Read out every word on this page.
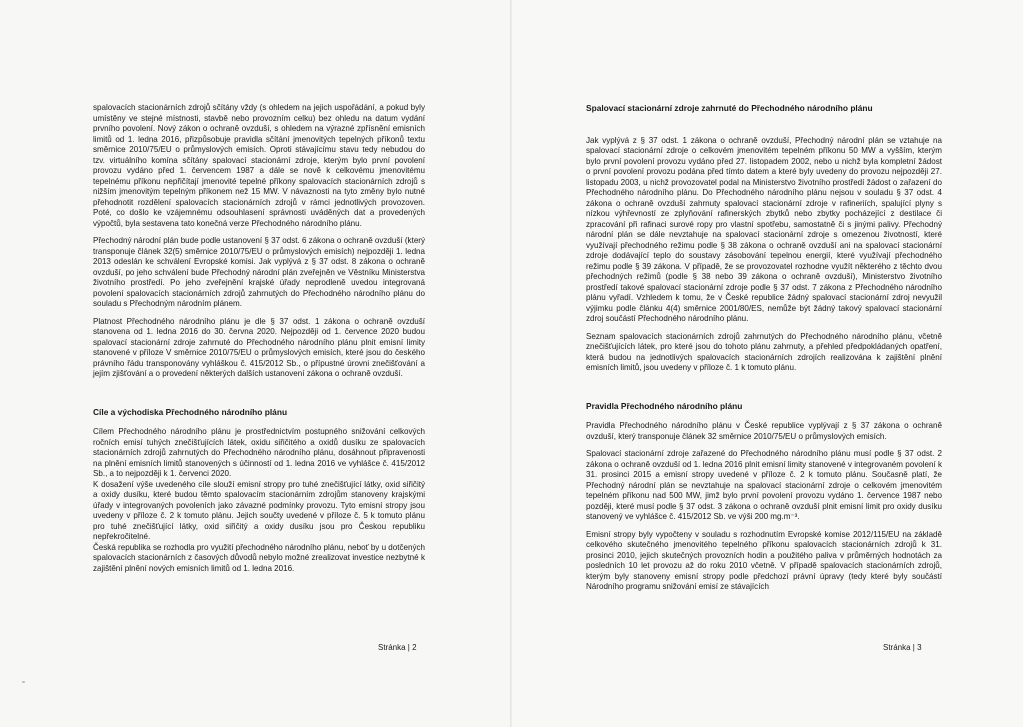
spalovacích stacionárních zdrojů sčítány vždy (s ohledem na jejich uspořádání, a pokud byly umístěny ve stejné místnosti, stavbě nebo provozním celku) bez ohledu na datum vydání prvního povolení. Nový zákon o ochraně ovzduší, s ohledem na výrazné zpřísnění emisních limitů od 1. ledna 2016, přizpůsobuje pravidla sčítání jmenovitých tepelných příkonů textu směrnice 2010/75/EU o průmyslových emisích. Oproti stávajícímu stavu tedy nebudou do tzv. virtuálního komína sčítány spalovací stacionární zdroje, kterým bylo první povolení provozu vydáno před 1. červencem 1987 a dále se nově k celkovému jmenovitému tepelnému příkonu nepřičítají jmenovité tepelné příkony spalovacích stacionárních zdrojů s nižším jmenovitým tepelným příkonem než 15 MW. V návaznosti na tyto změny bylo nutné přehodnotit rozdělení spalovacích stacionárních zdrojů v rámci jednotlivých provozoven. Poté, co došlo ke vzájemnému odsouhlasení správnosti uváděných dat a provedených výpočtů, byla sestavena tato konečná verze Přechodného národního plánu.

Přechodný národní plán bude podle ustanovení § 37 odst. 6 zákona o ochraně ovzduší (který transponuje článek 32(5) směrnice 2010/75/EU o průmyslových emisích) nejpozději 1. ledna 2013 odeslán ke schválení Evropské komisi. Jak vyplývá z § 37 odst. 8 zákona o ochraně ovzduší, po jeho schválení bude Přechodný národní plán zveřejněn ve Věstníku Ministerstva životního prostředí. Po jeho zveřejnění krajské úřady neprodleně uvedou integrovaná povolení spalovacích stacionárních zdrojů zahrnutých do Přechodného národního plánu do souladu s Přechodným národním plánem.

Platnost Přechodného národního plánu je dle § 37 odst. 1 zákona o ochraně ovzduší stanovena od 1. ledna 2016 do 30. června 2020. Nejpozději od 1. července 2020 budou spalovací stacionární zdroje zahrnuté do Přechodného národního plánu plnit emisní limity stanovené v příloze V směrnice 2010/75/EU o průmyslových emisích, které jsou do českého právního řádu transponovány vyhláškou č. 415/2012 Sb., o přípustné úrovni znečišťování a jejím zjišťování a o provedení některých dalších ustanovení zákona o ochraně ovzduší.

Cíle a východiska Přechodného národního plánu

Cílem Přechodného národního plánu je prostřednictvím postupného snižování celkových ročních emisí tuhých znečišťujících látek, oxidu siřičitého a oxidů dusíku ze spalovacích stacionárních zdrojů zahrnutých do Přechodného národního plánu, dosáhnout připravenosti na plnění emisních limitů stanovených s účinností od 1. ledna 2016 ve vyhlášce č. 415/2012 Sb., a to nejpozději k 1. červenci 2020.

K dosažení výše uvedeného cíle slouží emisní stropy pro tuhé znečišťující látky, oxid siřičitý a oxidy dusíku, které budou těmto spalovacím stacionárním zdrojům stanoveny krajskými úřady v integrovaných povoleních jako závazné podmínky provozu. Tyto emisní stropy jsou uvedeny v příloze č. 2 k tomuto plánu. Jejich součty uvedené v příloze č. 5 k tomuto plánu pro tuhé znečišťující látky, oxid siřičitý a oxidy dusíku jsou pro Českou republiku nepřekročitelné.

Česká republika se rozhodla pro využití přechodného národního plánu, neboť by u dotčených spalovacích stacionárních z časových důvodů nebylo možné zrealizovat investice nezbytné k zajištění plnění nových emisních limitů od 1. ledna 2016.

Stránka | 2
Spalovací stacionární zdroje zahrnuté do Přechodného národního plánu

Jak vyplývá z § 37 odst. 1 zákona o ochraně ovzduší, Přechodný národní plán se vztahuje na spalovací stacionární zdroje o celkovém jmenovitém tepelném příkonu 50 MW a vyšším, kterým bylo první povolení provozu vydáno před 27. listopadem 2002, nebo u nichž byla kompletní žádost o první povolení provozu podána před tímto datem a které byly uvedeny do provozu nejpozději 27. listopadu 2003, u nichž provozovatel podal na Ministerstvo životního prostředí žádost o zařazení do Přechodného národního plánu. Do Přechodného národního plánu nejsou v souladu § 37 odst. 4 zákona o ochraně ovzduší zahrnuty spalovací stacionární zdroje v rafineriích, spalující plyny s nízkou výhřevností ze zplyňování rafinerských zbytků nebo zbytky pocházející z destilace či zpracování při rafinaci surové ropy pro vlastní spotřebu, samostatně či s jinými palivy. Přechodný národní plán se dále nevztahuje na spalovací stacionární zdroje s omezenou životností, které využívají přechodného režimu podle § 38 zákona o ochraně ovzduší ani na spalovací stacionární zdroje dodávající teplo do soustavy zásobování tepelnou energií, které využívají přechodného režimu podle § 39 zákona. V případě, že se provozovatel rozhodne využít některého z těchto dvou přechodných režimů (podle § 38 nebo 39 zákona o ochraně ovzduší), Ministerstvo životního prostředí takové spalovací stacionární zdroje podle § 37 odst. 7 zákona z Přechodného národního plánu vyřadí. Vzhledem k tomu, že v České republice žádný spalovací stacionární zdroj nevyužil výjimku podle článku 4(4) směrnice 2001/80/ES, nemůže být žádný takový spalovací stacionární zdroj součástí Přechodného národního plánu.

Seznam spalovacích stacionárních zdrojů zahrnutých do Přechodného národního plánu, včetně znečišťujících látek, pro které jsou do tohoto plánu zahrnuty, a přehled předpokládaných opatření, která budou na jednotlivých spalovacích stacionárních zdrojích realizována k zajištění plnění emisních limitů, jsou uvedeny v příloze č. 1 k tomuto plánu.

Pravidla Přechodného národního plánu

Pravidla Přechodného národního plánu v České republice vyplývají z § 37 zákona o ochraně ovzduší, který transponuje článek 32 směrnice 2010/75/EU o průmyslových emisích.

Spalovací stacionární zdroje zařazené do Přechodného národního plánu musí podle § 37 odst. 2 zákona o ochraně ovzduší od 1. ledna 2016 plnit emisní limity stanovené v integrovaném povolení k 31. prosinci 2015 a emisní stropy uvedené v příloze č. 2 k tomuto plánu. Současně platí, že Přechodný národní plán se nevztahuje na spalovací stacionární zdroje o celkovém jmenovitém tepelném příkonu nad 500 MW, jimž bylo první povolení provozu vydáno 1. července 1987 nebo později, které musí podle § 37 odst. 3 zákona o ochraně ovzduší plnit emisní limit pro oxidy dusíku stanovený ve vyhlášce č. 415/2012 Sb. ve výši 200 mg.m⁻³.

Emisní stropy byly vypočteny v souladu s rozhodnutím Evropské komise 2012/115/EU na základě celkového skutečného jmenovitého tepelného příkonu spalovacích stacionárních zdrojů k 31. prosinci 2010, jejich skutečných provozních hodin a použitého paliva v průměrných hodnotách za posledních 10 let provozu až do roku 2010 včetně. V případě spalovacích stacionárních zdrojů, kterým byly stanoveny emisní stropy podle předchozí právní úpravy (tedy které byly součástí Národního programu snižování emisí ze stávajících

Stránka | 3
